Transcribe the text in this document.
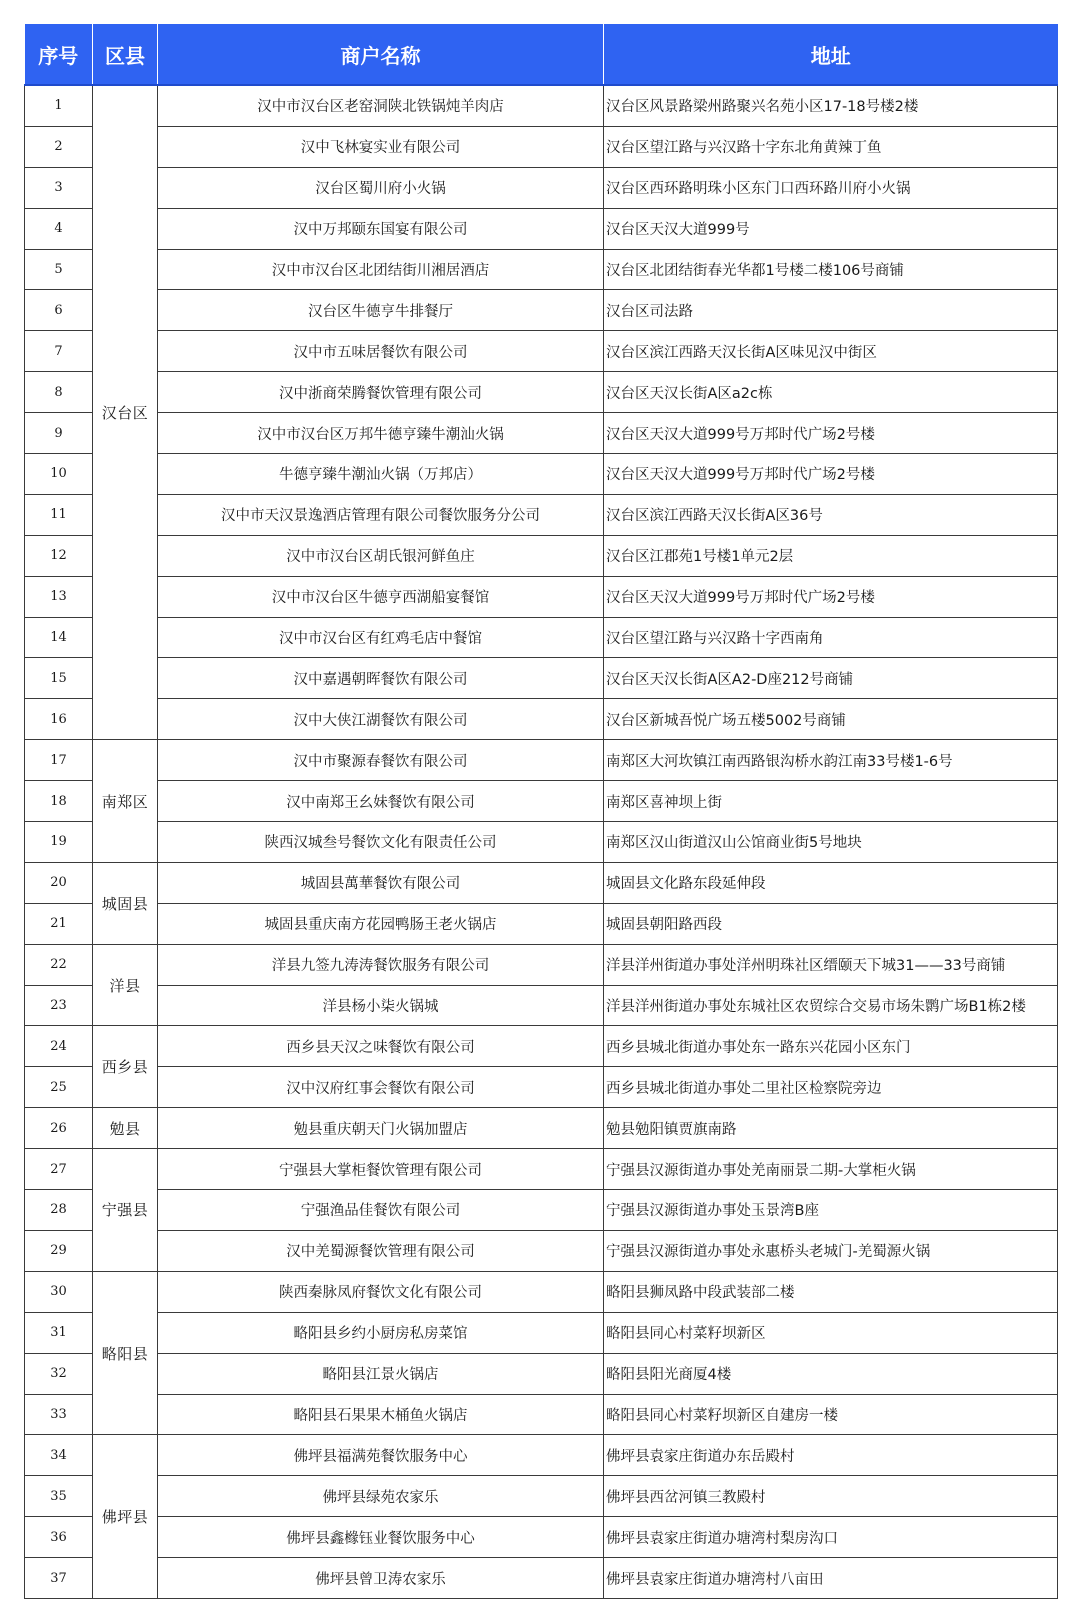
序号	区县	商户名称	地址
1	汉台区	汉中市汉台区老窑洞陕北铁锅炖羊肉店	汉台区风景路梁州路聚兴名苑小区17-18号楼2楼
2		汉中飞林宴实业有限公司	汉台区望江路与兴汉路十字东北角黄辣丁鱼
3		汉台区蜀川府小火锅	汉台区西环路明珠小区东门口西环路川府小火锅
4		汉中万邦颐东国宴有限公司	汉台区天汉大道999号
5		汉中市汉台区北团结街川湘居酒店	汉台区北团结街春光华都1号楼二楼106号商铺
6		汉台区牛德亨牛排餐厅	汉台区司法路
7		汉中市五味居餐饮有限公司	汉台区滨江西路天汉长街A区味见汉中街区
8		汉中浙商荣腾餐饮管理有限公司	汉台区天汉长街A区a2c栋
9		汉中市汉台区万邦牛德亨臻牛潮汕火锅	汉台区天汉大道999号万邦时代广场2号楼
10		牛德亨臻牛潮汕火锅（万邦店）	汉台区天汉大道999号万邦时代广场2号楼
11		汉中市天汉景逸酒店管理有限公司餐饮服务分公司	汉台区滨江西路天汉长街A区36号
12		汉中市汉台区胡氏银河鲜鱼庄	汉台区江郡苑1号楼1单元2层
13		汉中市汉台区牛德亨西湖船宴餐馆	汉台区天汉大道999号万邦时代广场2号楼
14		汉中市汉台区有红鸡毛店中餐馆	汉台区望江路与兴汉路十字西南角
15		汉中嘉遇朝晖餐饮有限公司	汉台区天汉长街A区A2-D座212号商铺
16		汉中大侠江湖餐饮有限公司	汉台区新城吾悦广场五楼5002号商铺
17	南郑区	汉中市聚源春餐饮有限公司	南郑区大河坎镇江南西路银沟桥水韵江南33号楼1-6号
18		汉中南郑王幺妹餐饮有限公司	南郑区喜神坝上街
19		陕西汉城叁号餐饮文化有限责任公司	南郑区汉山街道汉山公馆商业街5号地块
20	城固县	城固县萬華餐饮有限公司	城固县文化路东段延伸段
21		城固县重庆南方花园鸭肠王老火锅店	城固县朝阳路西段
22	洋县	洋县九签九涛涛餐饮服务有限公司	洋县洋州街道办事处洋州明珠社区缙颐天下城31——33号商铺
23		洋县杨小柒火锅城	洋县洋州街道办事处东城社区农贸综合交易市场朱鹮广场B1栋2楼
24	西乡县	西乡县天汉之味餐饮有限公司	西乡县城北街道办事处东一路东兴花园小区东门
25		汉中汉府红事会餐饮有限公司	西乡县城北街道办事处二里社区检察院旁边
26	勉县	勉县重庆朝天门火锅加盟店	勉县勉阳镇贾旗南路
27	宁强县	宁强县大掌柜餐饮管理有限公司	宁强县汉源街道办事处羌南丽景二期-大掌柜火锅
28		宁强渔品佳餐饮有限公司	宁强县汉源街道办事处玉景湾B座
29		汉中羌蜀源餐饮管理有限公司	宁强县汉源街道办事处永惠桥头老城门-羌蜀源火锅
30	略阳县	陕西秦脉凤府餐饮文化有限公司	略阳县狮凤路中段武装部二楼
31		略阳县乡约小厨房私房菜馆	略阳县同心村菜籽坝新区
32		略阳县江景火锅店	略阳县阳光商厦4楼
33		略阳县石果果木桶鱼火锅店	略阳县同心村菜籽坝新区自建房一楼
34	佛坪县	佛坪县福满苑餐饮服务中心	佛坪县袁家庄街道办东岳殿村
35		佛坪县绿苑农家乐	佛坪县西岔河镇三教殿村
36		佛坪县鑫橼钰业餐饮服务中心	佛坪县袁家庄街道办塘湾村梨房沟口
37		佛坪县曾卫涛农家乐	佛坪县袁家庄街道办塘湾村八亩田
